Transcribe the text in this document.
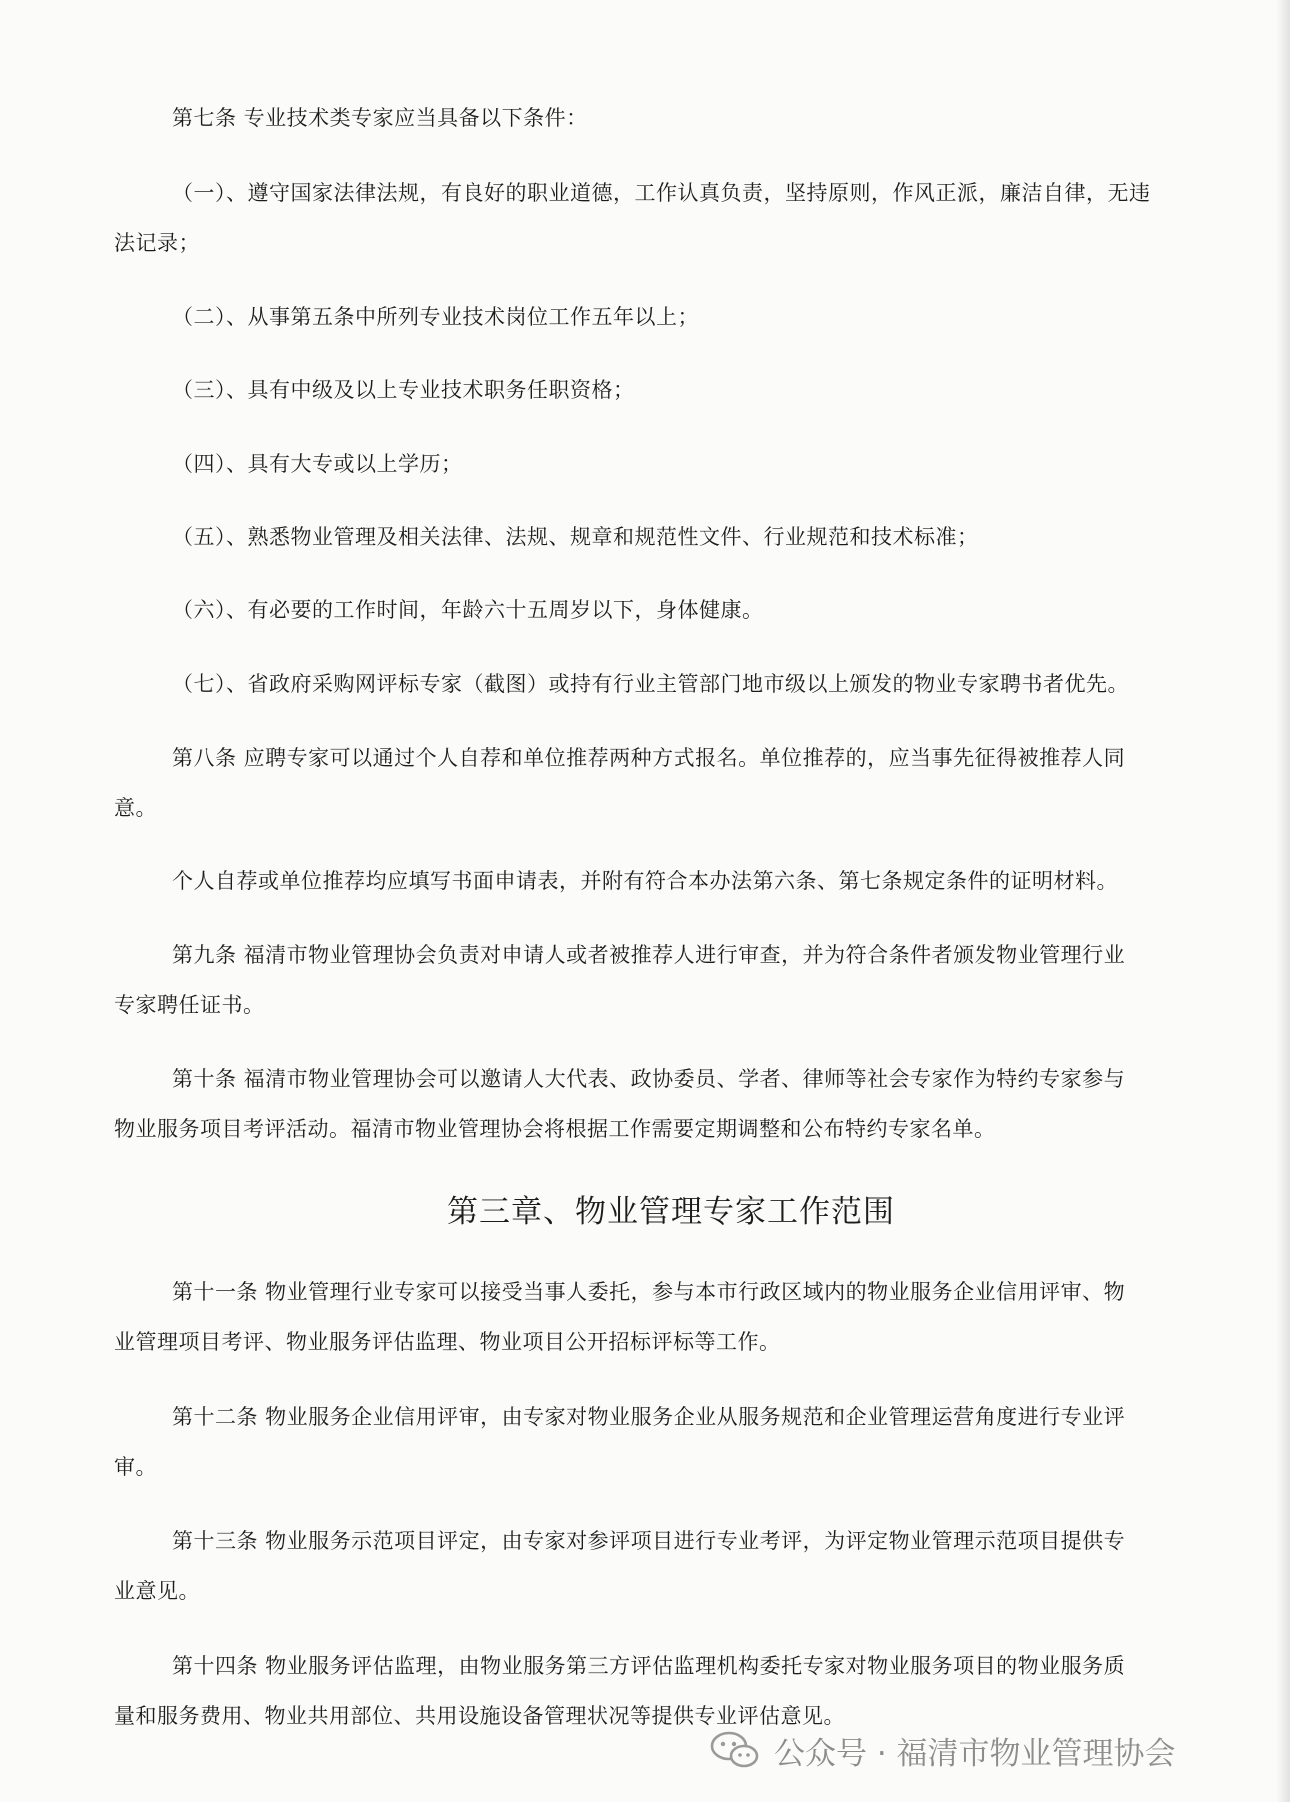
第七条 专业技术类专家应当具备以下条件：
（一）、遵守国家法律法规，有良好的职业道德，工作认真负责，坚持原则，作风正派，廉洁自律，无违
法记录；
（二）、从事第五条中所列专业技术岗位工作五年以上；
（三）、具有中级及以上专业技术职务任职资格；
（四）、具有大专或以上学历；
（五）、熟悉物业管理及相关法律、法规、规章和规范性文件、行业规范和技术标准；
（六）、有必要的工作时间，年龄六十五周岁以下，身体健康。
（七）、省政府采购网评标专家（截图）或持有行业主管部门地市级以上颁发的物业专家聘书者优先。
第八条 应聘专家可以通过个人自荐和单位推荐两种方式报名。单位推荐的，应当事先征得被推荐人同
意。
个人自荐或单位推荐均应填写书面申请表，并附有符合本办法第六条、第七条规定条件的证明材料。
第九条 福清市物业管理协会负责对申请人或者被推荐人进行审查，并为符合条件者颁发物业管理行业
专家聘任证书。
第十条 福清市物业管理协会可以邀请人大代表、政协委员、学者、律师等社会专家作为特约专家参与
物业服务项目考评活动。福清市物业管理协会将根据工作需要定期调整和公布特约专家名单。
第三章、物业管理专家工作范围
第十一条 物业管理行业专家可以接受当事人委托，参与本市行政区域内的物业服务企业信用评审、物
业管理项目考评、物业服务评估监理、物业项目公开招标评标等工作。
第十二条 物业服务企业信用评审，由专家对物业服务企业从服务规范和企业管理运营角度进行专业评
审。
第十三条 物业服务示范项目评定，由专家对参评项目进行专业考评，为评定物业管理示范项目提供专
业意见。
第十四条 物业服务评估监理，由物业服务第三方评估监理机构委托专家对物业服务项目的物业服务质
量和服务费用、物业共用部位、共用设施设备管理状况等提供专业评估意见。
公众号 · 福清市物业管理协会
